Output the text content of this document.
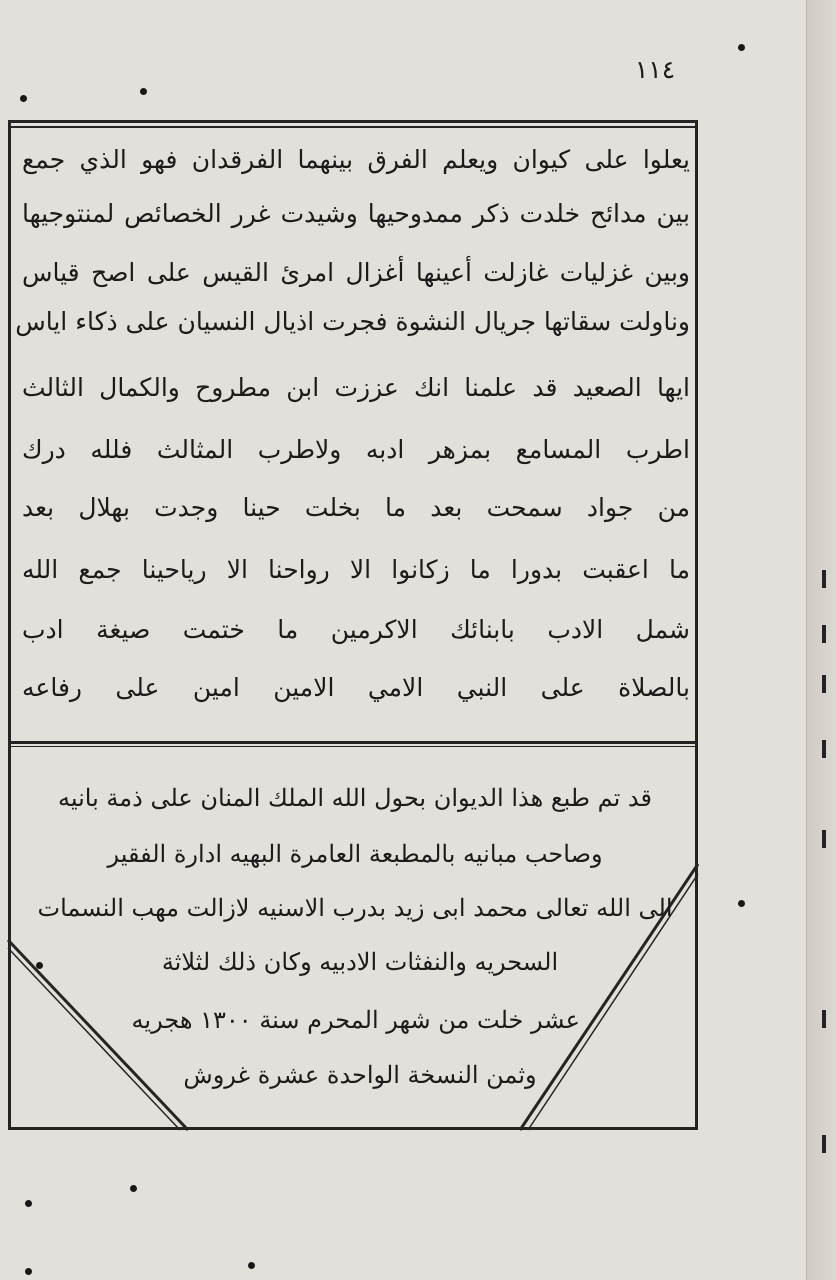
١١٤
يعلوا على كيوان ويعلم الفرق بينهما الفرقدان فهو الذي جمع
بين مدائح خلدت ذكر ممدوحيها وشيدت غرر الخصائص لمنتوجيها
وبين غزليات غازلت أعينها أغزال امرئ القيس على اصح قياس
وناولت سقاتها جريال النشوة فجرت اذيال النسيان على ذكاء اياس
ايها الصعيد قد علمنا انك عززت ابن مطروح والكمال الثالث
اطرب المسامع بمزهر ادبه ولاطرب المثالث فلله درك
من جواد سمحت بعد ما بخلت حينا وجدت بهلال بعد
ما اعقبت بدورا ما زكانوا الا رواحنا الا رياحينا جمع الله
شمل الادب بابنائك الاكرمين ما ختمت صيغة ادب
بالصلاة على النبي الامي الامين امين على رفاعه
قد تم طبع هذا الديوان بحول الله الملك المنان على ذمة بانيه
وصاحب مبانيه بالمطبعة العامرة البهيه ادارة الفقير
الى الله تعالى محمد ابى زيد بدرب الاسنيه لازالت مهب النسمات
السحريه والنفثات الادبيه وكان ذلك لثلاثة
عشر خلت من شهر المحرم سنة ١٣٠٠ هجريه
وثمن النسخة الواحدة عشرة غروش
